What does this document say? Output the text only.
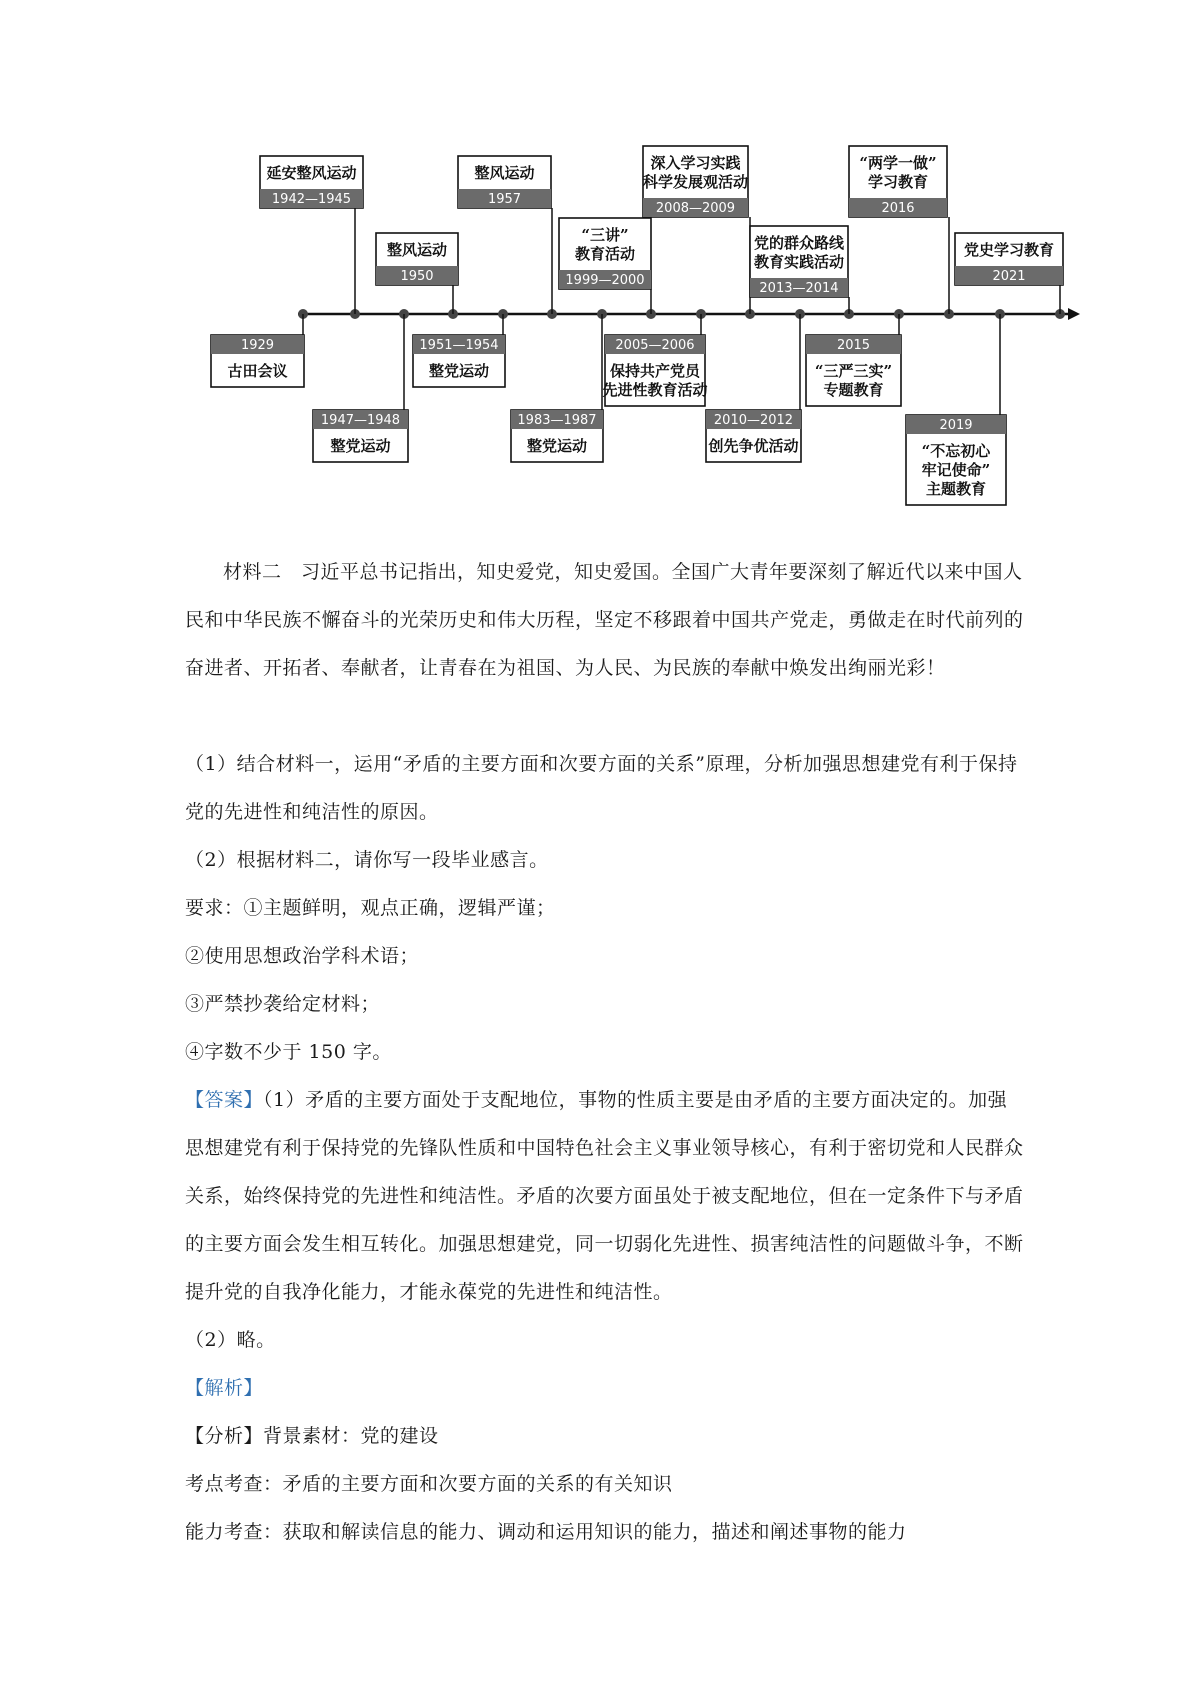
1929
古田会议
1942—1945
延安整风运动
1947—1948
整党运动
1950
整风运动
1951—1954
整党运动
1957
整风运动
1983—1987
整党运动
1999—2000
“三讲”
教育活动
2005—2006
保持共产党员
先进性教育活动
2008—2009
深入学习实践
科学发展观活动
2010—2012
创先争优活动
2013—2014
党的群众路线
教育实践活动
2015
“三严三实”
专题教育
2016
“两学一做”
学习教育
2019
“不忘初心
牢记使命”
主题教育
2021
党史学习教育

材料二　习近平总书记指出，知史爱党，知史爱国。全国广大青年要深刻了解近代以来中国人民和中华民族不懈奋斗的光荣历史和伟大历程，坚定不移跟着中国共产党走，勇做走在时代前列的奋进者、开拓者、奉献者，让青春在为祖国、为人民、为民族的奉献中焕发出绚丽光彩！

（1）结合材料一，运用“矛盾的主要方面和次要方面的关系”原理，分析加强思想建党有利于保持党的先进性和纯洁性的原因。

（2）根据材料二，请你写一段毕业感言。

要求：①主题鲜明，观点正确，逻辑严谨；

②使用思想政治学科术语；

③严禁抄袭给定材料；

④字数不少于 150 字。

【答案】（1）矛盾的主要方面处于支配地位，事物的性质主要是由矛盾的主要方面决定的。加强思想建党有利于保持党的先锋队性质和中国特色社会主义事业领导核心，有利于密切党和人民群众关系，始终保持党的先进性和纯洁性。矛盾的次要方面虽处于被支配地位，但在一定条件下与矛盾的主要方面会发生相互转化。加强思想建党，同一切弱化先进性、损害纯洁性的问题做斗争，不断提升党的自我净化能力，才能永葆党的先进性和纯洁性。

（2）略。

【解析】

【分析】背景素材：党的建设

考点考查：矛盾的主要方面和次要方面的关系的有关知识

能力考查：获取和解读信息的能力、调动和运用知识的能力，描述和阐述事物的能力
